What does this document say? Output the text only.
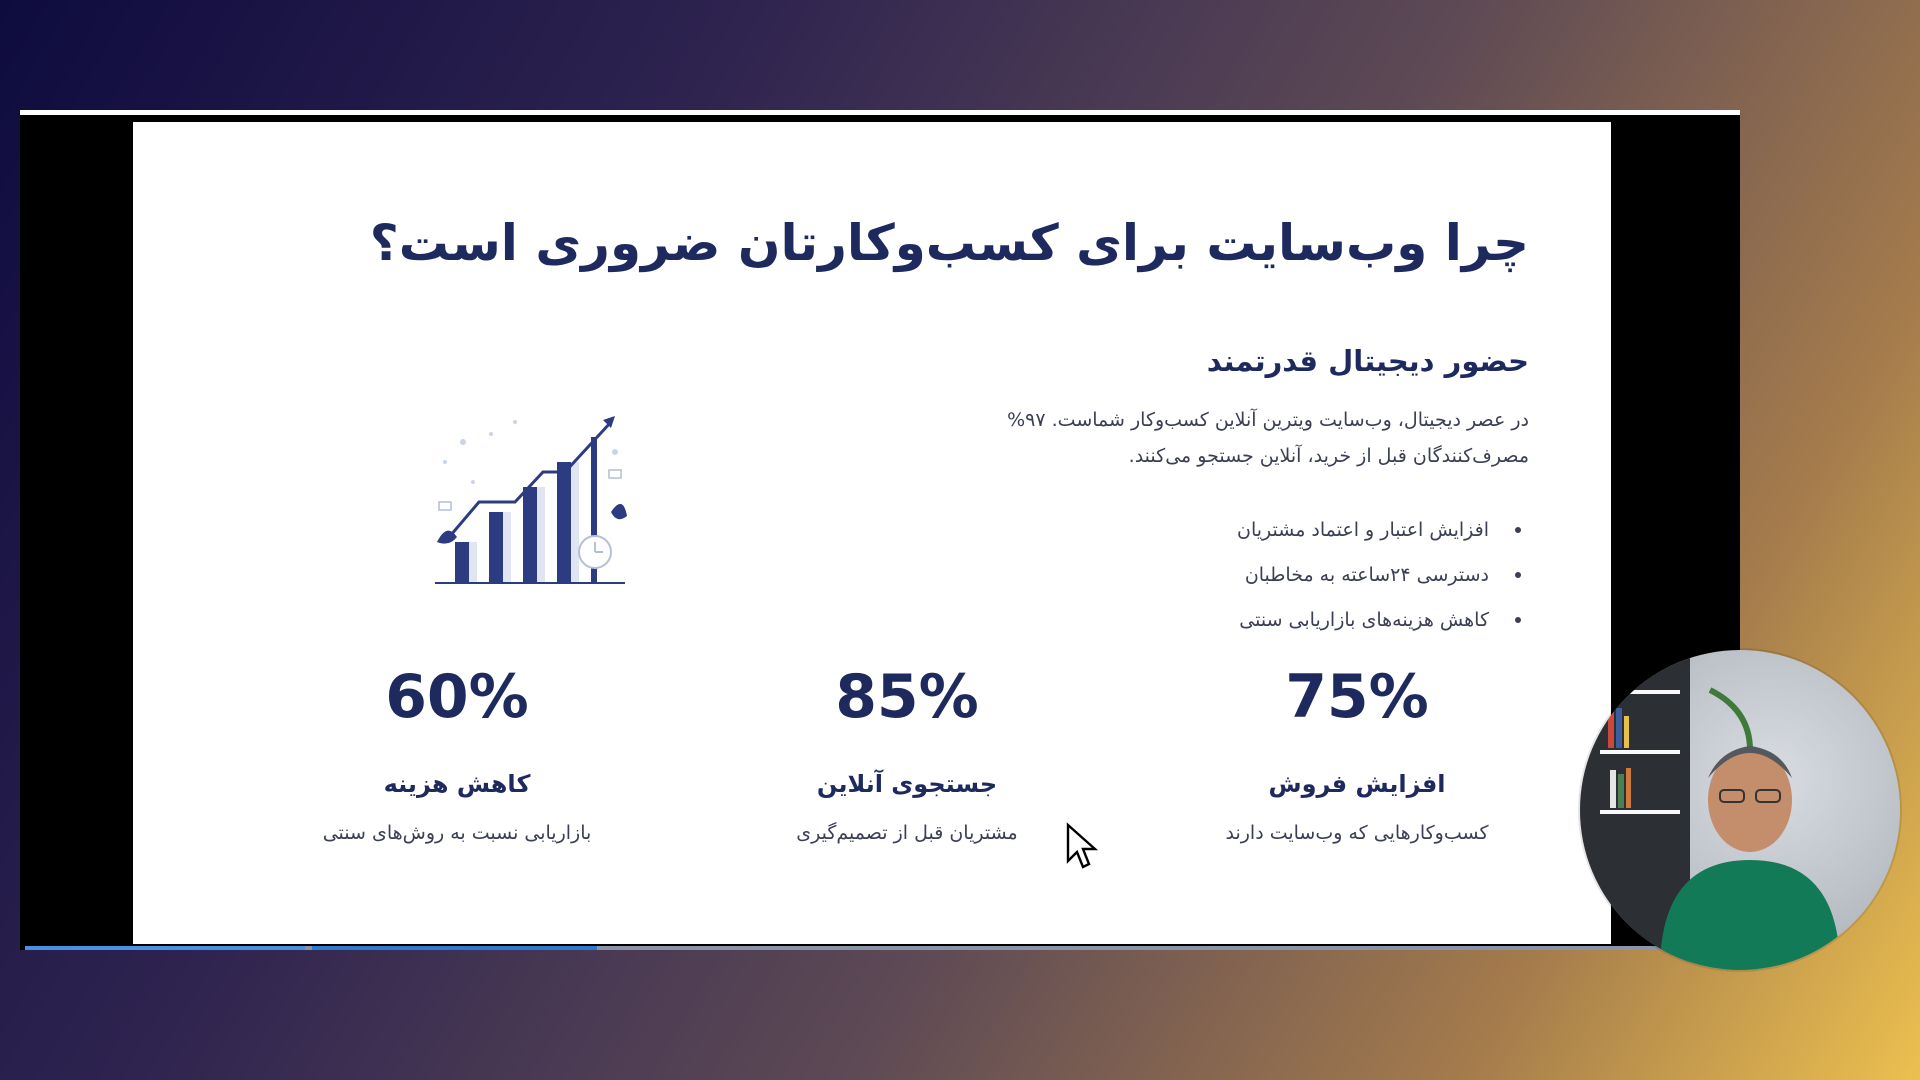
چرا وب‌سایت برای کسب‌وکارتان ضروری است؟
حضور دیجیتال قدرتمند

در عصر دیجیتال، وب‌سایت ویترین آنلاین کسب‌وکار شماست. ۹۷% مصرف‌کنندگان قبل از خرید، آنلاین جستجو می‌کنند.

افزایش اعتبار و اعتماد مشتریان
دسترسی ۲۴ساعته به مخاطبان
کاهش هزینه‌های بازاریابی سنتی

75%

افزایش فروش
کسب‌وکارهایی که وب‌سایت دارند

85%

جستجوی آنلاین
مشتریان قبل از تصمیم‌گیری

60%

کاهش هزینه
بازاریابی نسبت به روش‌های سنتی
